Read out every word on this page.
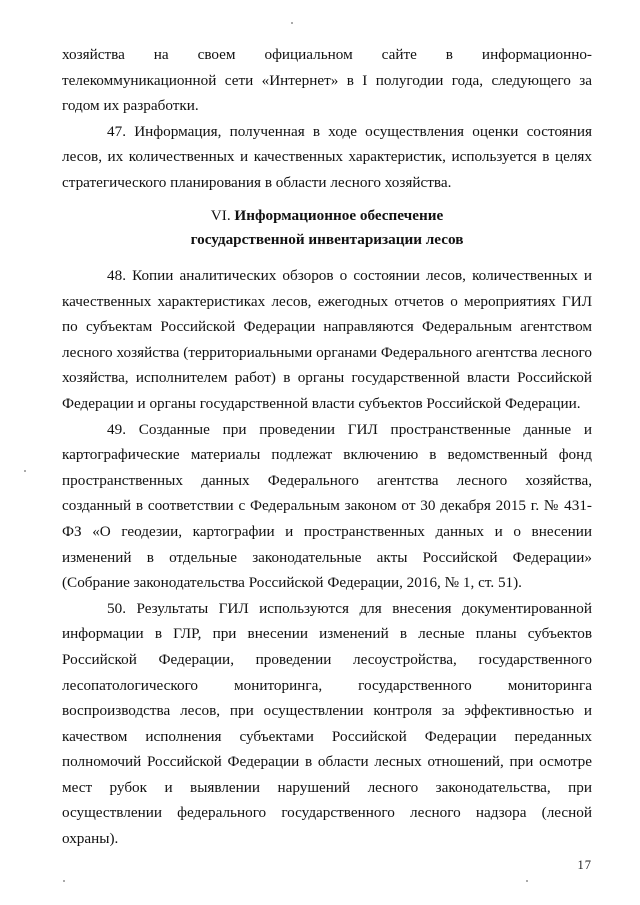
хозяйства на своем официальном сайте в информационно-телекоммуникационной сети «Интернет» в I полугодии года, следующего за годом их разработки.

47. Информация, полученная в ходе осуществления оценки состояния лесов, их количественных и качественных характеристик, используется в целях стратегического планирования в области лесного хозяйства.

VI. Информационное обеспечение
государственной инвентаризации лесов

48. Копии аналитических обзоров о состоянии лесов, количественных и качественных характеристиках лесов, ежегодных отчетов о мероприятиях ГИЛ по субъектам Российской Федерации направляются Федеральным агентством лесного хозяйства (территориальными органами Федерального агентства лесного хозяйства, исполнителем работ) в органы государственной власти Российской Федерации и органы государственной власти субъектов Российской Федерации.

49. Созданные при проведении ГИЛ пространственные данные и картографические материалы подлежат включению в ведомственный фонд пространственных данных Федерального агентства лесного хозяйства, созданный в соответствии с Федеральным законом от 30 декабря 2015 г. № 431-ФЗ «О геодезии, картографии и пространственных данных и о внесении изменений в отдельные законодательные акты Российской Федерации» (Собрание законодательства Российской Федерации, 2016, № 1, ст. 51).

50. Результаты ГИЛ используются для внесения документированной информации в ГЛР, при внесении изменений в лесные планы субъектов Российской Федерации, проведении лесоустройства, государственного лесопатологического мониторинга, государственного мониторинга воспроизводства лесов, при осуществлении контроля за эффективностью и качеством исполнения субъектами Российской Федерации переданных полномочий Российской Федерации в области лесных отношений, при осмотре мест рубок и выявлении нарушений лесного законодательства, при осуществлении федерального государственного лесного надзора (лесной охраны).

17
